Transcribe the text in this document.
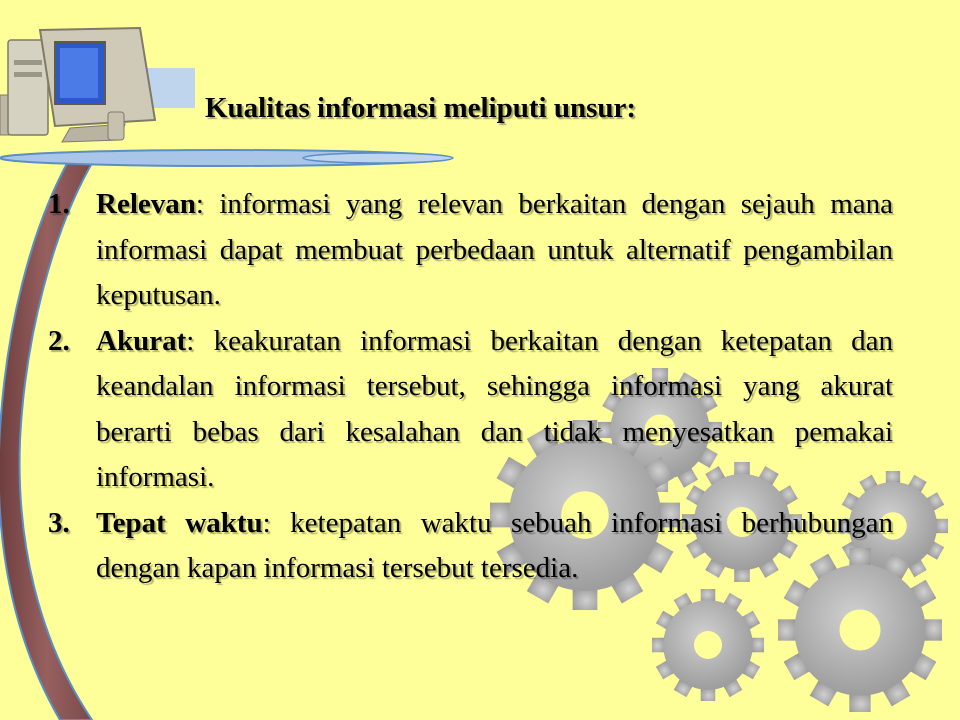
Kualitas informasi meliputi unsur:
1. Relevan: informasi yang relevan berkaitan dengan sejauh mana informasi dapat membuat perbedaan untuk alternatif pengambilan keputusan.
2. Akurat: keakuratan informasi berkaitan dengan ketepatan dan keandalan informasi tersebut, sehingga informasi yang akurat berarti bebas dari kesalahan dan tidak menyesatkan pemakai informasi.
3. Tepat waktu: ketepatan waktu sebuah informasi berhubungan dengan kapan informasi tersebut tersedia.
